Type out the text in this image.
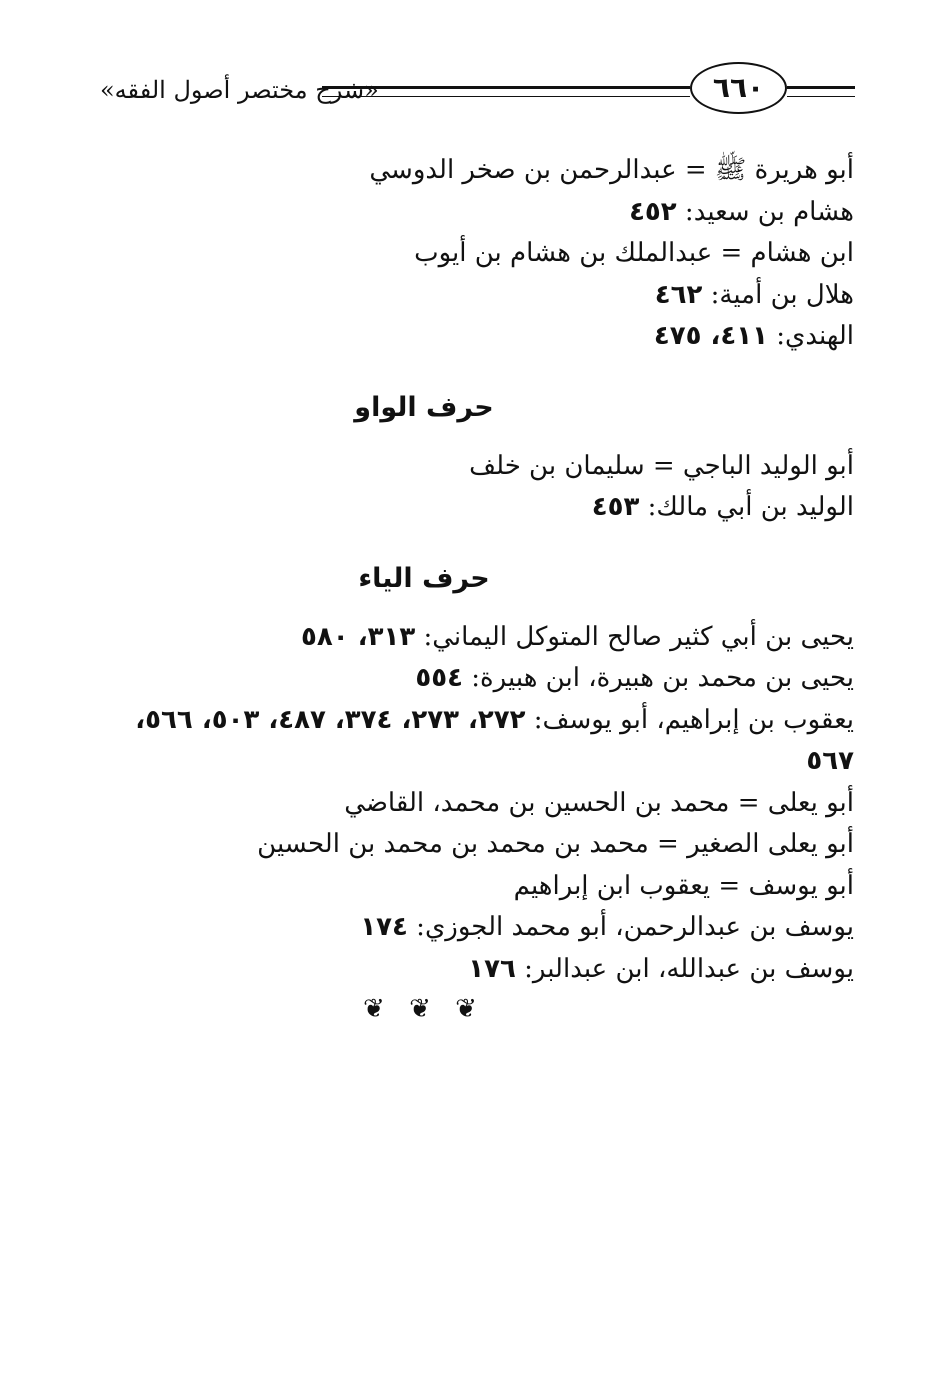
٦٦٠
«شرح مختصر أصول الفقه»
أبو هريرة ﷺ = عبدالرحمن بن صخر الدوسي
هشام بن سعيد: ٤٥٢
ابن هشام = عبدالملك بن هشام بن أيوب
هلال بن أمية: ٤٦٢
الهندي: ٤١١، ٤٧٥
حرف الواو
أبو الوليد الباجي = سليمان بن خلف
الوليد بن أبي مالك: ٤٥٣
حرف الياء
يحيى بن أبي كثير صالح المتوكل اليماني: ٣١٣، ٥٨٠
يحيى بن محمد بن هبيرة، ابن هبيرة: ٥٥٤
يعقوب بن إبراهيم، أبو يوسف: ٢٧٢، ٢٧٣، ٣٧٤، ٤٨٧، ٥٠٣، ٥٦٦، ٥٦٧
أبو يعلى = محمد بن الحسين بن محمد، القاضي
أبو يعلى الصغير = محمد بن محمد بن محمد بن الحسين
أبو يوسف = يعقوب ابن إبراهيم
يوسف بن عبدالرحمن، أبو محمد الجوزي: ١٧٤
يوسف بن عبدالله، ابن عبدالبر: ١٧٦
❦ ❦ ❦
